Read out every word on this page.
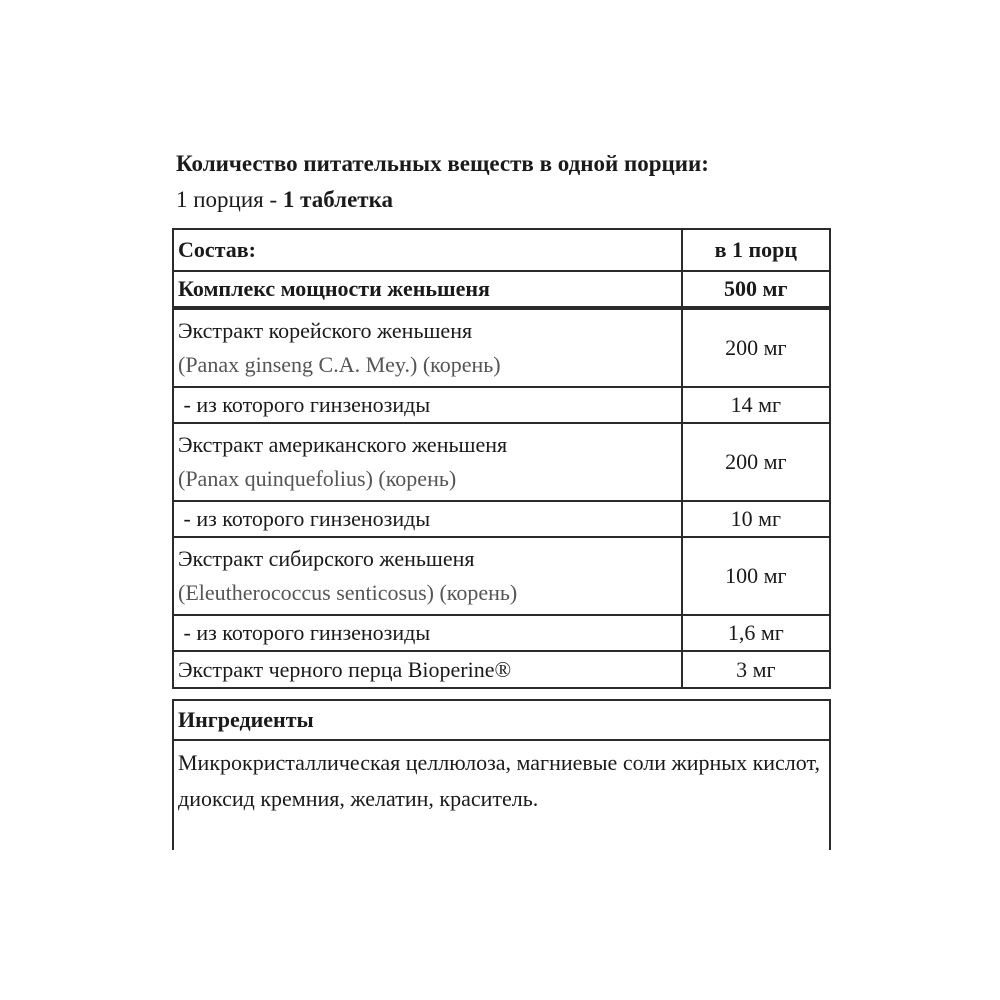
Количество питательных веществ в одной порции:
1 порция - 1 таблетка
Состав:	в 1 порц
Комплекс мощности женьшеня	500 мг

Экстракт корейского женьшеня
(Panax ginseng C.A. Mey.) (корень)	200 мг
- из которого гинзенозиды	14 мг

Экстракт американского женьшеня
(Panax quinquefolius) (корень)	200 мг
- из которого гинзенозиды	10 мг

Экстракт сибирского женьшеня
(Eleutherococcus senticosus) (корень)	100 мг
- из которого гинзенозиды	1,6 мг
Экстракт черного перца Bioperine®	3 мг
Ингредиенты
Микрокристаллическая целлюлоза, магниевые соли жирных кислот, диоксид кремния, желатин, краситель.
